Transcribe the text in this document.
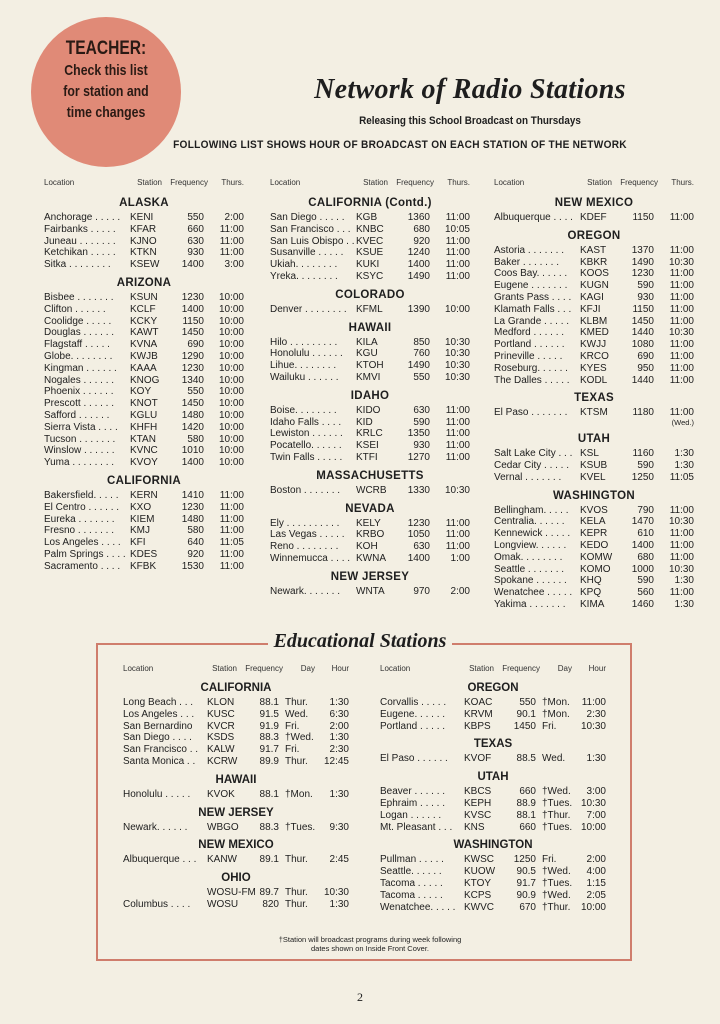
TEACHER:
Check this list
for station and
time changes
Network of Radio Stations
Releasing this School Broadcast on Thursdays
FOLLOWING LIST SHOWS HOUR OF BROADCAST ON EACH STATION OF THE NETWORK
Location	Station	Frequency	Thurs.
ALASKA
Anchorage . . . . . KENI	550	2:00
Fairbanks . . . . .	KFAR	660	11:00
Juneau . . . . . . .	KJNO	630	11:00
Ketchikan . . . . .	KTKN	930	11:00
Sitka . . . . . . . .	KSEW	1400	3:00
ARIZONA
Bisbee . . . . . . .	KSUN	1230	10:00
Clifton . . . . . .	KCLF	1400	10:00
Coolidge . . . . .	KCKY	1150	10:00
Douglas . . . . . .	KAWT	1450	10:00
Flagstaff . . . . .	KVNA	690	10:00
Globe. . . . . . . .	KWJB	1290	10:00
Kingman . . . . . .	KAAA	1230	10:00
Nogales . . . . . .	KNOG	1340	10:00
Phoenix . . . . . .	KOY	550	10:00
Prescott . . . . . .	KNOT	1450	10:00
Safford . . . . . .	KGLU	1480	10:00
Sierra Vista . . . .	KHFH	1420	10:00
Tucson . . . . . . .	KTAN	580	10:00
Winslow . . . . . .	KVNC	1010	10:00
Yuma . . . . . . . .	KVOY	1400	10:00
CALIFORNIA
Bakersfield. . . . .	KERN	1410	11:00
El Centro . . . . . .	KXO	1230	11:00
Eureka . . . . . . .	KIEM	1480	11:00
Fresno . . . . . . .	KMJ	580	11:00
Los Angeles . . . . KFI	640	11:05
Palm Springs . . . . KDES	920	11:00
Sacramento . . . . KFBK	1530	11:00
Location	Station	Frequency	Thurs.
CALIFORNIA (Contd.)
San Diego . . . . .	KGB	1360	11:00
San Francisco . . . KNBC	680	10:05
San Luis Obispo . . KVEC	920	11:00
Susanville . . . . .	KSUE	1240	11:00
Ukiah. . . . . . . .	KUKI	1400	11:00
Yreka. . . . . . . .	KSYC	1490	11:00
COLORADO
Denver . . . . . . . . KFML	1390	10:00
HAWAII
Hilo . . . . . . . . .	KILA	850	10:30
Honolulu . . . . . .	KGU	760	10:30
Lihue. . . . . . . .	KTOH	1490	10:30
Wailuku . . . . . .	KMVI	550	10:30
IDAHO
Boise. . . . . . . .	KIDO	630	11:00
Idaho Falls . . . .	KID	590	11:00
Lewiston . . . . . .	KRLC	1350	11:00
Pocatello. . . . . .	KSEI	930	11:00
Twin Falls . . . . .	KTFI	1270	11:00
MASSACHUSETTS
Boston . . . . . . .	WCRB	1330	10:30
NEVADA
Ely . . . . . . . . . .	KELY	1230	11:00
Las Vegas . . . . .	KRBO	1050	11:00
Reno . . . . . . . .	KOH	630	11:00
Winnemucca . . . . KWNA	1400	1:00
NEW JERSEY
Newark. . . . . . .	WNTA	970	2:00
Location	Station	Frequency	Thurs.
NEW MEXICO
Albuquerque . . . . KDEF	1150	11:00
OREGON
Astoria . . . . . . .	KAST	1370	11:00
Baker . . . . . . .	KBKR	1490	10:30
Coos Bay. . . . . .	KOOS	1230	11:00
Eugene . . . . . . .	KUGN	590	11:00
Grants Pass . . . . KAGI	930	11:00
Klamath Falls . . . KFJI	1150	11:00
La Grande . . . . .	KLBM	1450	11:00
Medford . . . . . .	KMED	1440	10:30
Portland . . . . . .	KWJJ	1080	11:00
Prineville . . . . .	KRCO	690	11:00
Roseburg. . . . . .	KYES	950	11:00
The Dalles . . . . .	KODL	1440	11:00
TEXAS
El Paso . . . . . . .	KTSM	1180	11:00
(Wed.)
UTAH
Salt Lake City . . . KSL	1160	1:30
Cedar City . . . . .	KSUB	590	1:30
Vernal . . . . . . .	KVEL	1250	11:05
WASHINGTON
Bellingham. . . . .	KVOS	790	11:00
Centralia. . . . . .	KELA	1470	10:30
Kennewick . . . . . KEPR	610	11:00
Longview. . . . . .	KEDO	1400	11:00
Omak. . . . . . . .	KOMW	680	11:00
Seattle . . . . . . .	KOMO	1000	10:30
Spokane . . . . . .	KHQ	590	1:30
Wenatchee . . . . . KPQ	560	11:00
Yakima . . . . . . .	KIMA	1460	1:30
Educational Stations
Location	Station	Frequency	Day	Hour
CALIFORNIA
Long Beach . . .	KLON	88.1 Thur.	1:30
Los Angeles . . .	KUSC	91.5 Wed.	6:30
San Bernardino	KVCR	91.9 Fri.	2:00
San Diego . . . .	KSDS	88.3 †Wed.	1:30
San Francisco . . KALW	91.7 Fri.	2:30
Santa Monica . .	KCRW	89.9 Thur.	12:45
HAWAII
Honolulu . . . . .	KVOK	88.1 †Mon.	1:30
NEW JERSEY
Newark. . . . . .	WBGO	88.3 †Tues.	9:30
NEW MEXICO
Albuquerque . . .	KANW	89.1 Thur.	2:45
OHIO
WOSU-FM 89.7 Thur.	10:30
Columbus . . . .	WOSU	820 Thur.	1:30
Location	Station	Frequency	Day	Hour
OREGON
Corvallis . . . . .	KOAC	550 †Mon.	11:00
Eugene. . . . . .	KRVM	90.1 †Mon.	2:30
Portland . . . . .	KBPS	1450 Fri.	10:30
TEXAS
El Paso . . . . . .	KVOF	88.5 Wed.	1:30
UTAH
Beaver . . . . . .	KBCS	660 †Wed.	3:00
Ephraim . . . . .	KEPH	88.9 †Tues. 10:30
Logan . . . . . .	KVSC	88.1 †Thur.	7:00
Mt. Pleasant . . .	KNS	660 †Tues. 10:00
WASHINGTON
Pullman . . . . .	KWSC	1250 Fri.	2:00
Seattle. . . . . .	KUOW	90.5 †Wed.	4:00
Tacoma . . . . .	KTOY	91.7 †Tues.	1:15
Tacoma . . . . .	KCPS	90.9 †Wed.	2:05
Wenatchee. . . . . KWVC	670 †Thur.	10:00
†Station will broadcast programs during week following
dates shown on Inside Front Cover.
2
